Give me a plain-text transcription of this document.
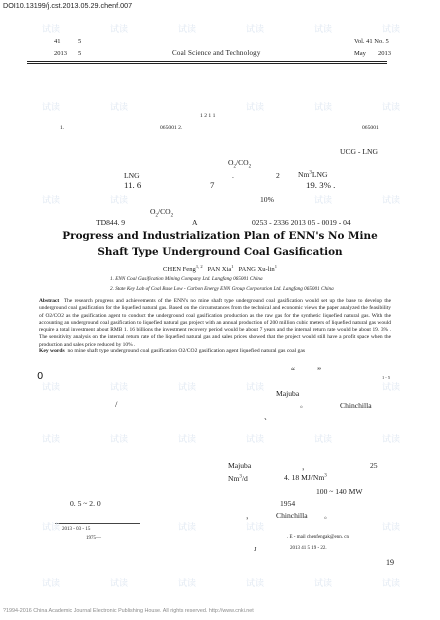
DOI10.13199/j.cst.2013.05.29.chenf.007
41	5
2013 5	Coal Science and Technology
Vol. 41 No. 5
May 2013
1 2 1 1
1.	065001 2.	065001
UCG - LNG
$O_2/CO_2$
LNG	.	2 Nm$^3$LNG
11. 6	7	19. 3% .
10%
$O_2/CO_2$
TD844. 9	A	0253 - 2336 2013 05 - 0019 - 04
Progress and Industrialization Plan of ENN's No Mine
Shaft Type Underground Coal Gasification
CHEN Feng$^{1, 2}$ PAN Xia$^1$ PANG Xu-lin$^1$
1. ENN Coal Gasification Mining Company Ltd. Langfang 065001 China
2. State Key Lab of Coal Base Low - Carbon Energy ENN Group Corporation Ltd. Langfang 065001 China
Abstract The research progress and achievements of the ENN's no mine shaft type underground coal gasification would set up the base to develop the underground coal gasification for the liquefied natural gas. Based on the circumstances from the technical and economic views the paper analyzed the feasibility of O2/CO2 as the gasification agent to conduct the underground coal gasification production as the raw gas for the synthetic liquefied natural gas. With the accounting an underground coal gasification to liquefied natural gas project with an annual production of 200 million cubic meters of liquefied natural gas would require a total investment about RMB 1. 16 billions the investment recovery period would be about 7 years and the internal return rate would be about 19. 3% . The sensitivity analysis on the internal return rate of the liquefied natural gas and sales prices showed that the project would still have a profit space when the production and sales price reduced by 10% .
Key words no mine shaft type underground coal gasification O2/CO2 gasification agent liquefied natural gas coal gas
0	“ ”
1 - 5
Majuba
。	Chinchilla
/
、
Majuba	，	25
Nm$^3$/d	4. 18 MJ/Nm$^3$
100 ~ 140 MW
0. 5 ~ 2. 0	1954
，	Chinchilla 。
2013 - 03 - 15
1975—	. E - mail chenfengak@enn. cn
J	2013 41 5 19 - 22.
19
试读	试读	试读	试读	试读	试读
试读	试读	试读	试读	试读
试读	试读	试读	试读
试读	试读	试读	试读	试读
试读	试读	试读	试读	试读	试读
试读	试读	试读	试读
试读	试读	试读	试读	试读	试读
?1994-2016 China Academic Journal Electronic Publishing House. All rights reserved. http://www.cnki.net
